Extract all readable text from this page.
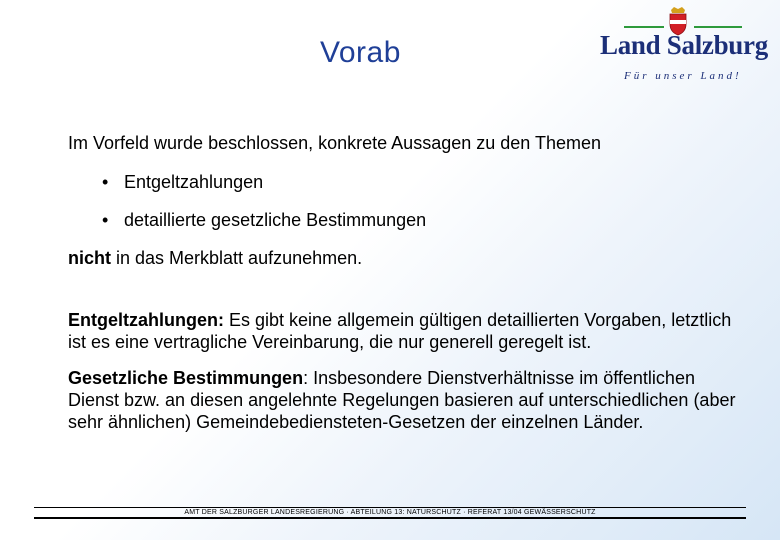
Vorab	Land Salzburg
Für unser Land!

Im Vorfeld wurde beschlossen, konkrete Aussagen zu den Themen

• Entgeltzahlungen
• detaillierte gesetzliche Bestimmungen

nicht in das Merkblatt aufzunehmen.

Entgeltzahlungen: Es gibt keine allgemein gültigen detaillierten Vorgaben, letztlich ist es eine vertragliche Vereinbarung, die nur generell geregelt ist.

Gesetzliche Bestimmungen: Insbesondere Dienstverhältnisse im öffentlichen Dienst bzw. an diesen angelehnte Regelungen basieren auf unterschiedlichen (aber sehr ähnlichen) Gemeindebediensteten-Gesetzen der einzelnen Länder.

AMT DER SALZBURGER LANDESREGIERUNG · ABTEILUNG 13: NATURSCHUTZ · REFERAT 13/04 GEWÄSSERSCHUTZ
